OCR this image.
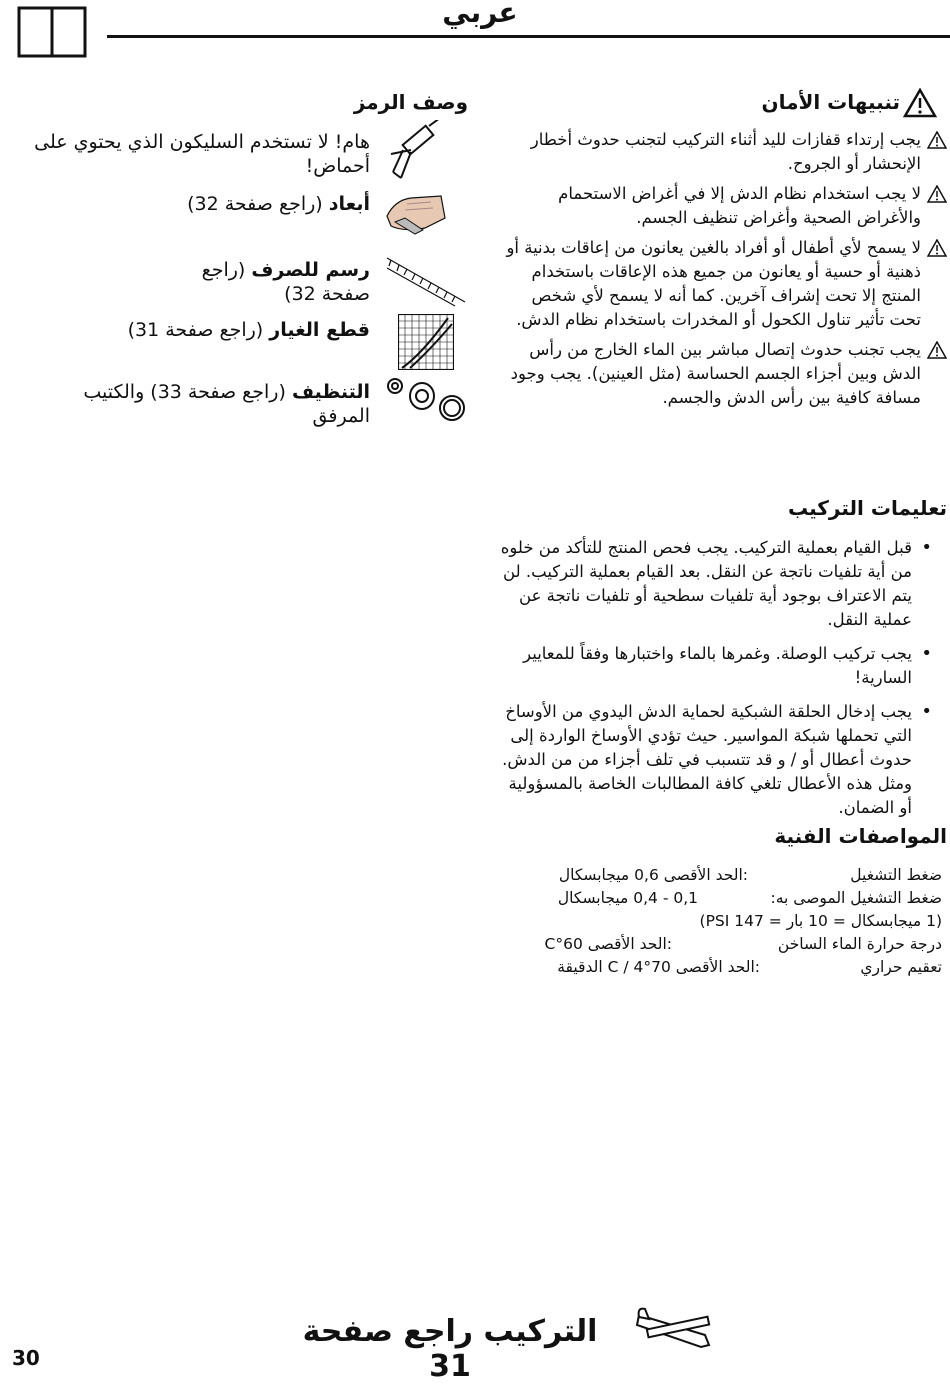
عربي
تنبيهات الأمان
يجب إرتداء قفازات لليد أثناء التركيب لتجنب حدوث أخطار الإنحشار أو الجروح.
لا يجب استخدام نظام الدش إلا في أغراض الاستحمام والأغراض الصحية وأغراض تنظيف الجسم.
لا يسمح لأي أطفال أو أفراد بالغين يعانون من إعاقات بدنية أو ذهنية أو حسية أو يعانون من جميع هذه الإعاقات باستخدام المنتج إلا تحت إشراف آخرين. كما أنه لا يسمح لأي شخص تحت تأثير تناول الكحول أو المخدرات باستخدام نظام الدش.
يجب تجنب حدوث إتصال مباشر بين الماء الخارج من رأس الدش وبين أجزاء الجسم الحساسة (مثل العينين). يجب وجود مسافة كافية بين رأس الدش والجسم.
تعليمات التركيب
• قبل القيام بعملية التركيب. يجب فحص المنتج للتأكد من خلوه من أية تلفيات ناتجة عن النقل. بعد القيام بعملية التركيب. لن يتم الاعتراف بوجود أية تلفيات سطحية أو تلفيات ناتجة عن عملية النقل.
• يجب تركيب الوصلة. وغمرها بالماء واختبارها وفقاً للمعايير السارية!
• يجب إدخال الحلقة الشبكية لحماية الدش اليدوي من الأوساخ التي تحملها شبكة المواسير. حيث تؤدي الأوساخ الواردة إلى حدوث أعطال أو / و قد تتسبب في تلف أجزاء من من الدش. ومثل هذه الأعطال تلغي كافة المطالبات الخاصة بالمسؤولية أو الضمان.
المواصفات الفنية
ضغط التشغيل
:الحد الأقصى 0,6 ميجابسكال
ضغط التشغيل الموصى به:
0,1 - 0,4 ميجابسكال
(1 ميجابسكال = 10 بار = PSI 147)
درجة حرارة الماء الساخن
:الحد الأقصى 60°C
تعقيم حراري
:الحد الأقصى 70°C / 4 الدقيقة
وصف الرمز
هام! لا تستخدم السليكون الذي يحتوي على أحماض!
أبعاد (راجع صفحة 32)
رسم للصرف (راجع صفحة 32)
قطع الغيار (راجع صفحة 31)
التنظيف (راجع صفحة 33) والكتيب المرفق
التركيب راجع صفحة 31
30
